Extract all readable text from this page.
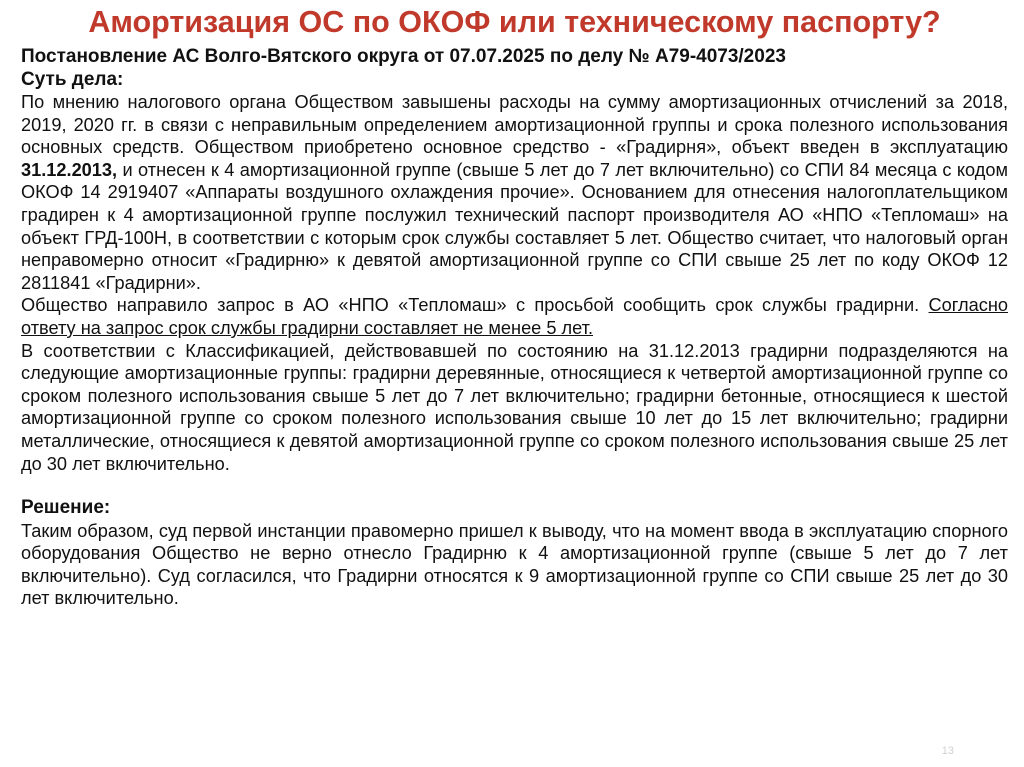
Амортизация ОС по ОКОФ или техническому паспорту?
Постановление АС Волго-Вятского округа от 07.07.2025 по делу № А79-4073/2023
Суть дела:

По мнению налогового органа Обществом завышены расходы на сумму амортизационных отчислений за 2018, 2019, 2020 гг. в связи с неправильным определением амортизационной группы и срока полезного использования основных средств. Обществом приобретено основное средство - «Градирня», объект введен в эксплуатацию 31.12.2013, и отнесен к 4 амортизационной группе (свыше 5 лет до 7 лет включительно) со СПИ 84 месяца с кодом ОКОФ 14 2919407 «Аппараты воздушного охлаждения прочие». Основанием для отнесения налогоплательщиком градирен к 4 амортизационной группе послужил технический паспорт производителя АО «НПО «Тепломаш» на объект ГРД-100Н, в соответствии с которым срок службы составляет 5 лет. Общество считает, что налоговый орган неправомерно относит «Градирню» к девятой амортизационной группе со СПИ свыше 25 лет по коду ОКОФ 12 2811841 «Градирни».

Общество направило запрос в АО «НПО «Тепломаш» с просьбой сообщить срок службы градирни. Согласно ответу на запрос срок службы градирни составляет не менее 5 лет.

В соответствии с Классификацией, действовавшей по состоянию на 31.12.2013 градирни подразделяются на следующие амортизационные группы: градирни деревянные, относящиеся к четвертой амортизационной группе со сроком полезного использования свыше 5 лет до 7 лет включительно; градирни бетонные, относящиеся к шестой амортизационной группе со сроком полезного использования свыше 10 лет до 15 лет включительно; градирни металлические, относящиеся к девятой амортизационной группе со сроком полезного использования свыше 25 лет до 30 лет включительно.

Решение:

Таким образом, суд первой инстанции правомерно пришел к выводу, что на момент ввода в эксплуатацию спорного оборудования Общество не верно отнесло Градирню к 4 амортизационной группе (свыше 5 лет до 7 лет включительно). Суд согласился, что Градирни относятся к 9 амортизационной группе со СПИ свыше 25 лет до 30 лет включительно.

13
